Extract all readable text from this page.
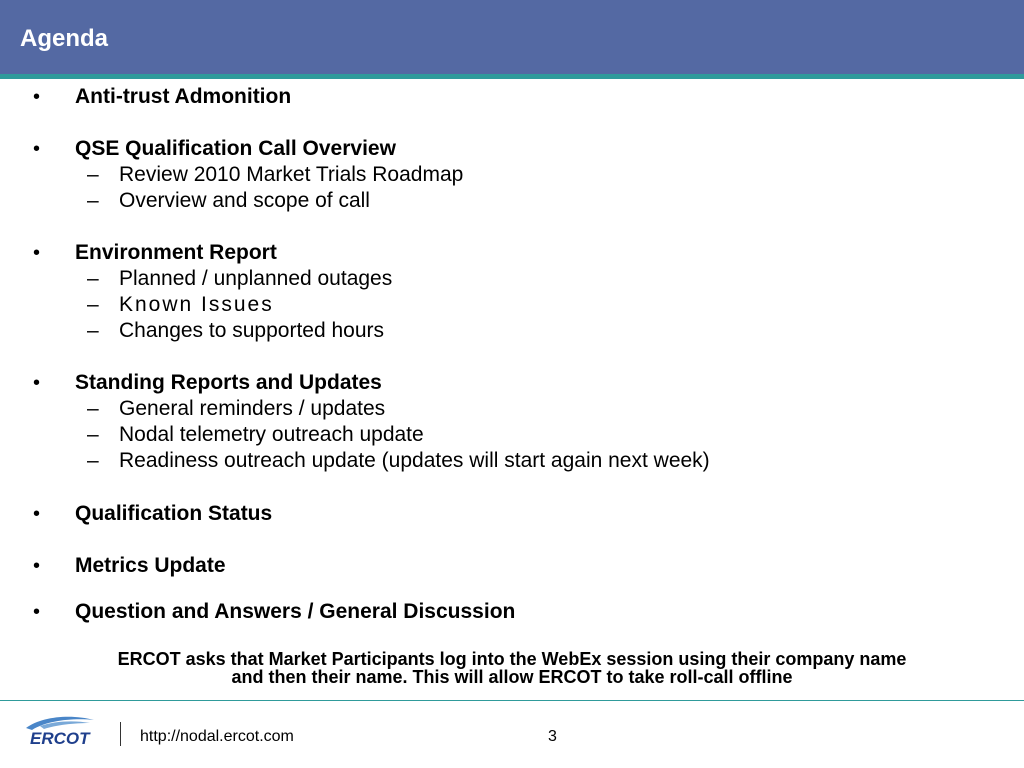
Agenda
• Anti-trust Admonition
• QSE Qualification Call Overview
– Review 2010 Market Trials Roadmap
– Overview and scope of call
• Environment Report
– Planned / unplanned outages
– Known Issues
– Changes to supported hours
• Standing Reports and Updates
– General reminders / updates
– Nodal telemetry outreach update
– Readiness outreach update (updates will start again next week)
• Qualification Status
• Metrics Update
• Question and Answers / General Discussion
ERCOT asks that Market Participants log into the WebEx session using their company name
and then their name. This will allow ERCOT to take roll-call offline
ERCOT	http://nodal.ercot.com	3
